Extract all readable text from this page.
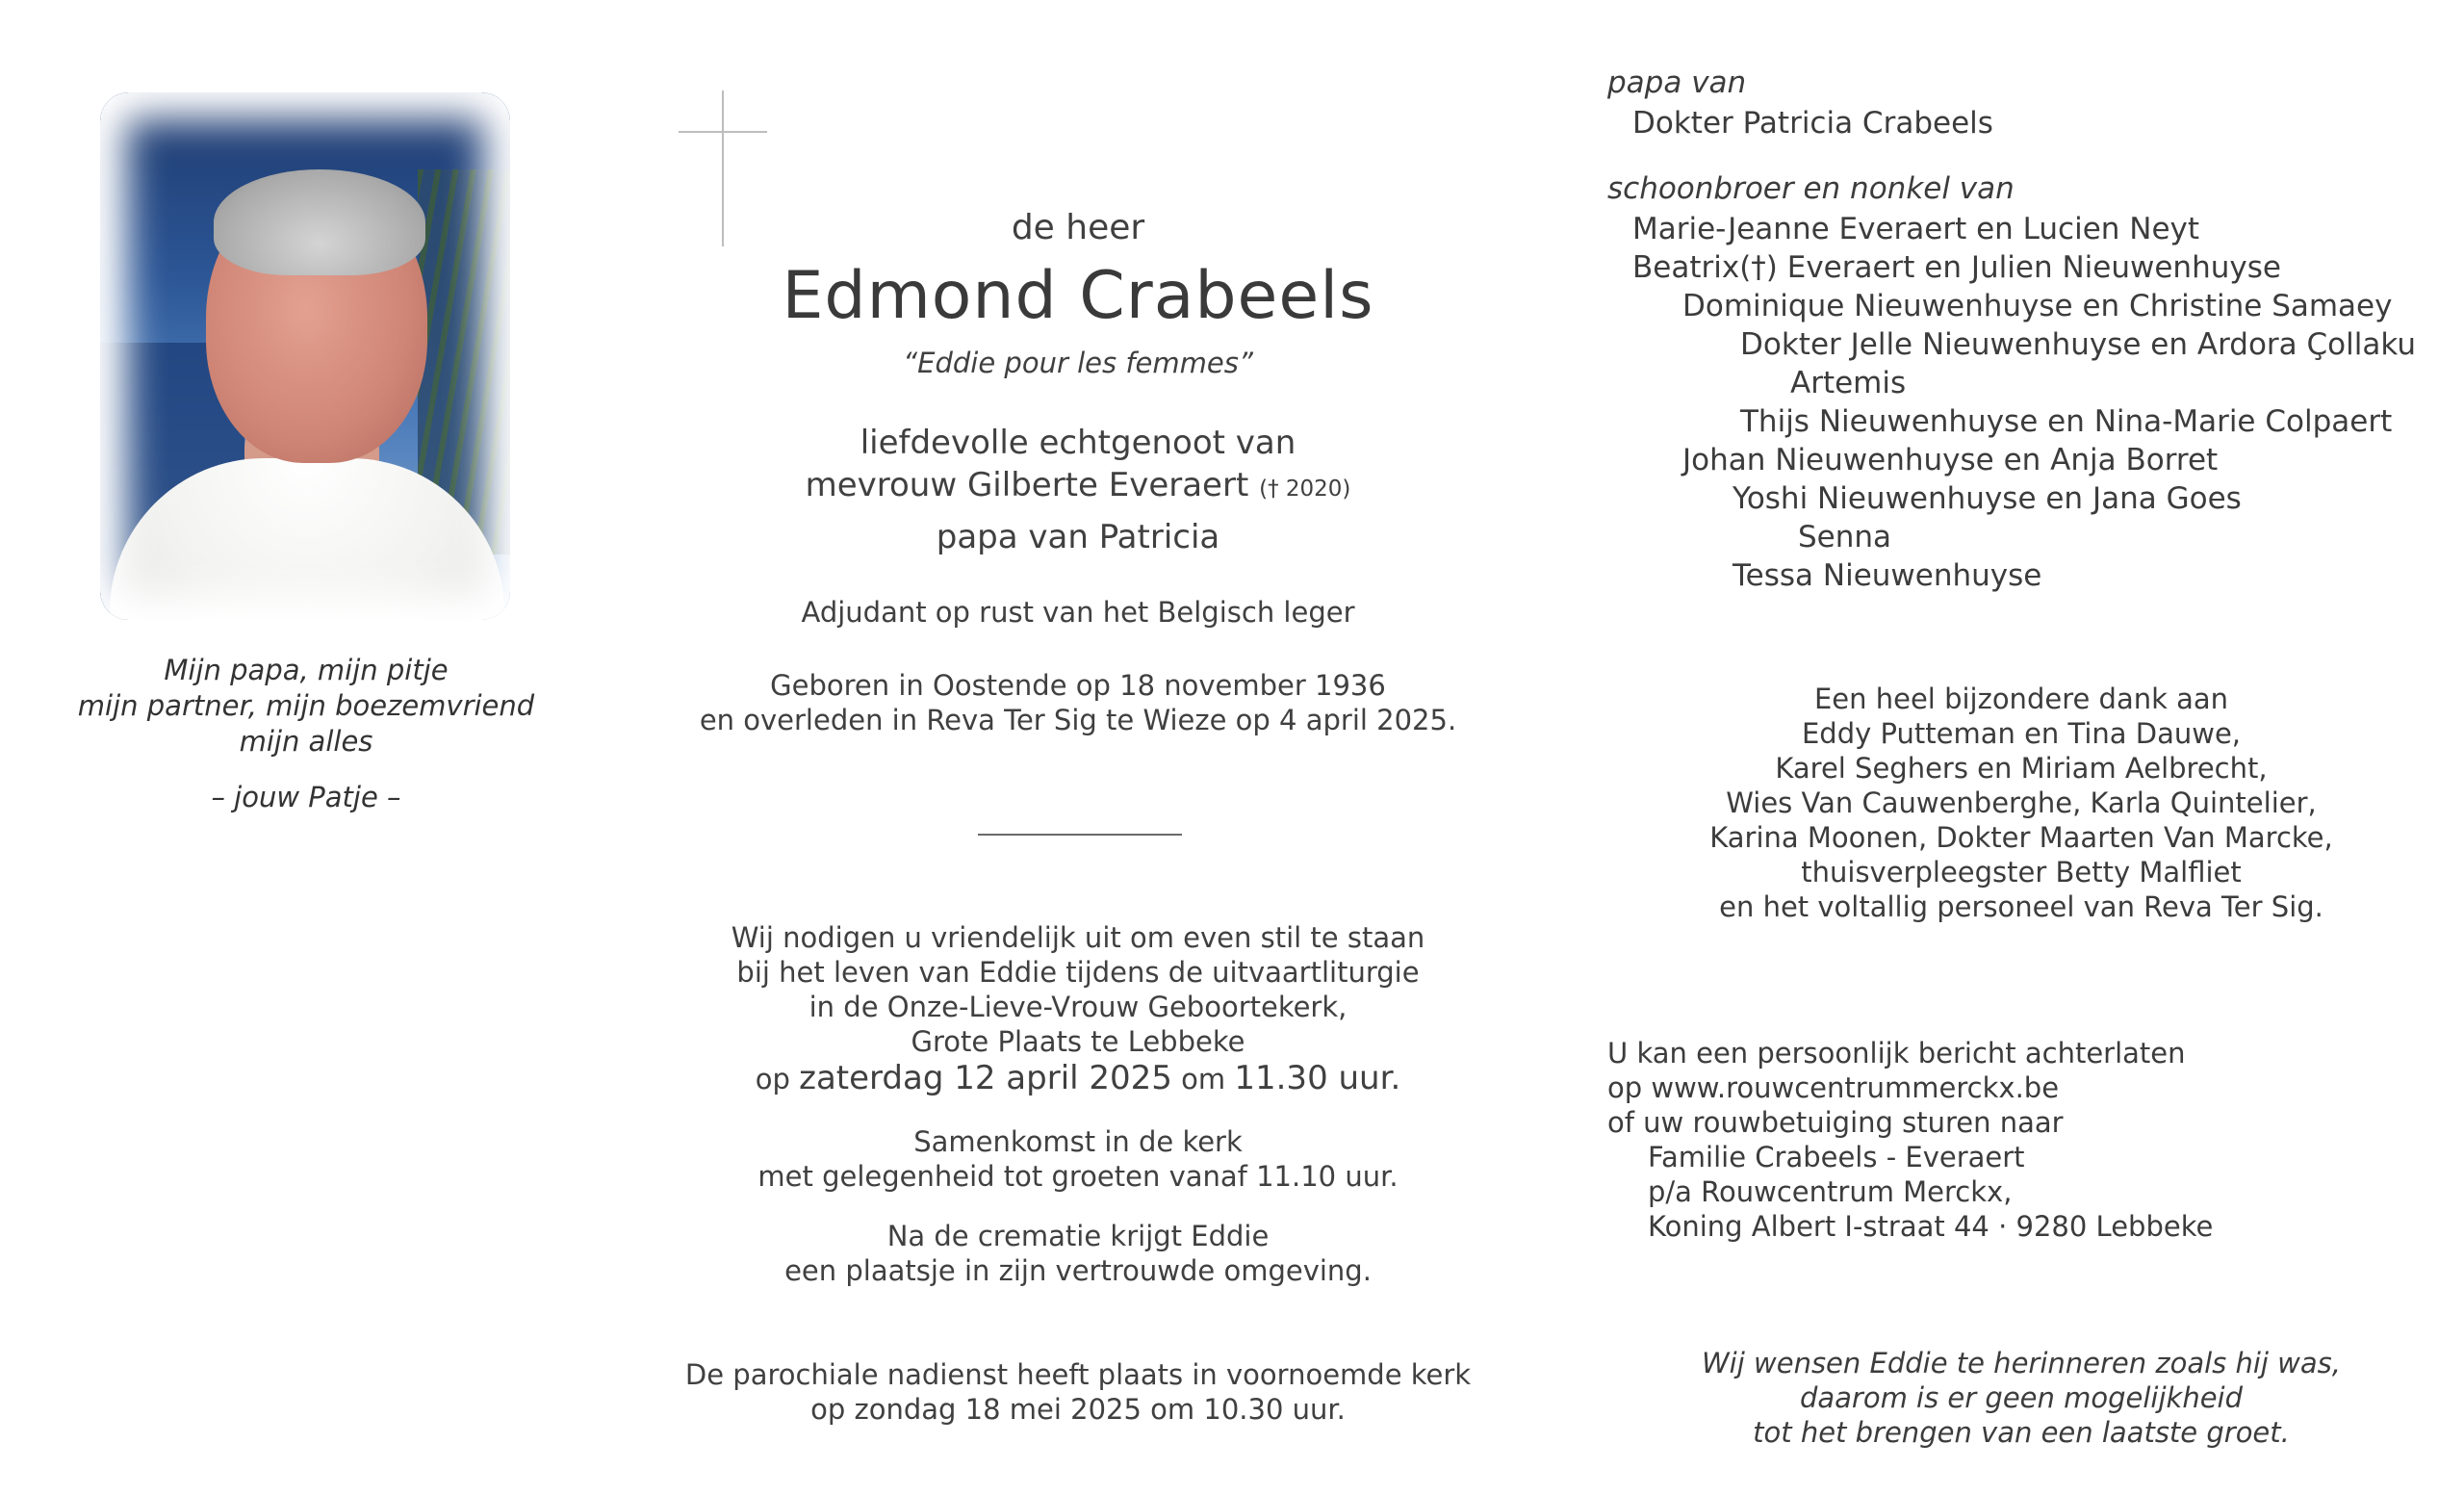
Mijn papa, mijn pitje
mijn partner, mijn boezemvriend
mijn alles
– jouw Patje –
de heer
Edmond Crabeels
“Eddie pour les femmes”
liefdevolle echtgenoot van
mevrouw Gilberte Everaert († 2020)
papa van Patricia
Adjudant op rust van het Belgisch leger
Geboren in Oostende op 18 november 1936
en overleden in Reva Ter Sig te Wieze op 4 april 2025.
Wij nodigen u vriendelijk uit om even stil te staan
bij het leven van Eddie tijdens de uitvaartliturgie
in de Onze-Lieve-Vrouw Geboortekerk,
Grote Plaats te Lebbeke
op zaterdag 12 april 2025 om 11.30 uur.
Samenkomst in de kerk
met gelegenheid tot groeten vanaf 11.10 uur.
Na de crematie krijgt Eddie
een plaatsje in zijn vertrouwde omgeving.
De parochiale nadienst heeft plaats in voornoemde kerk
op zondag 18 mei 2025 om 10.30 uur.
papa van
Dokter Patricia Crabeels
schoonbroer en nonkel van
Marie-Jeanne Everaert en Lucien Neyt
Beatrix(†) Everaert en Julien Nieuwenhuyse
Dominique Nieuwenhuyse en Christine Samaey
Dokter Jelle Nieuwenhuyse en Ardora Çollaku
Artemis
Thijs Nieuwenhuyse en Nina-Marie Colpaert
Johan Nieuwenhuyse en Anja Borret
Yoshi Nieuwenhuyse en Jana Goes
Senna
Tessa Nieuwenhuyse
Een heel bijzondere dank aan
Eddy Putteman en Tina Dauwe,
Karel Seghers en Miriam Aelbrecht,
Wies Van Cauwenberghe, Karla Quintelier,
Karina Moonen, Dokter Maarten Van Marcke,
thuisverpleegster Betty Malfliet
en het voltallig personeel van Reva Ter Sig.
U kan een persoonlijk bericht achterlaten
op www.rouwcentrummerckx.be
of uw rouwbetuiging sturen naar
Familie Crabeels - Everaert
p/a Rouwcentrum Merckx,
Koning Albert I-straat 44 · 9280 Lebbeke
Wij wensen Eddie te herinneren zoals hij was,
daarom is er geen mogelijkheid
tot het brengen van een laatste groet.
